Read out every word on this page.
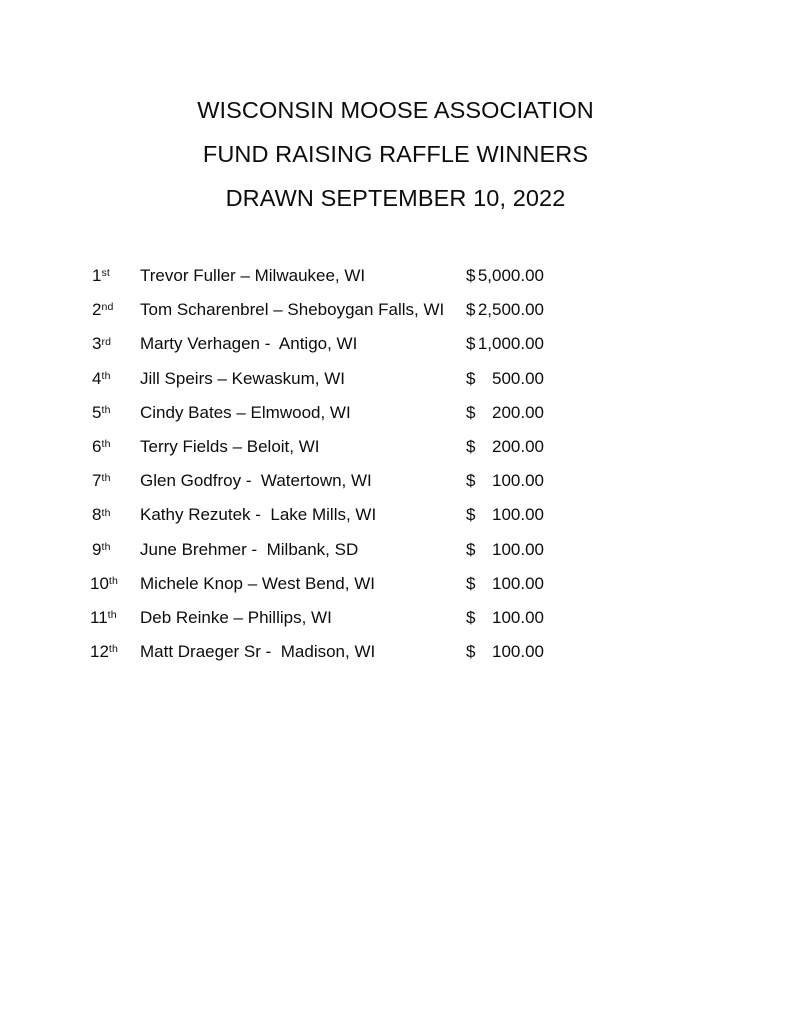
WISCONSIN MOOSE ASSOCIATION
FUND RAISING RAFFLE WINNERS
DRAWN SEPTEMBER 10, 2022
1st	Trevor Fuller – Milwaukee, WI	$ 5,000.00
2nd	Tom Scharenbrel – Sheboygan Falls, WI $ 2,500.00
3rd	Marty Verhagen -  Antigo, WI	$ 1,000.00
4th	Jill Speirs – Kewaskum, WI	$ 500.00
5th	Cindy Bates – Elmwood, WI	$ 200.00
6th	Terry Fields – Beloit, WI	$ 200.00
7th	Glen Godfroy -  Watertown, WI	$ 100.00
8th	Kathy Rezutek -  Lake Mills, WI	$ 100.00
9th	June Brehmer -  Milbank, SD	$ 100.00
10th	Michele Knop – West Bend, WI	$ 100.00
11th	Deb Reinke – Phillips, WI	$ 100.00
12th	Matt Draeger Sr -  Madison, WI	$ 100.00
